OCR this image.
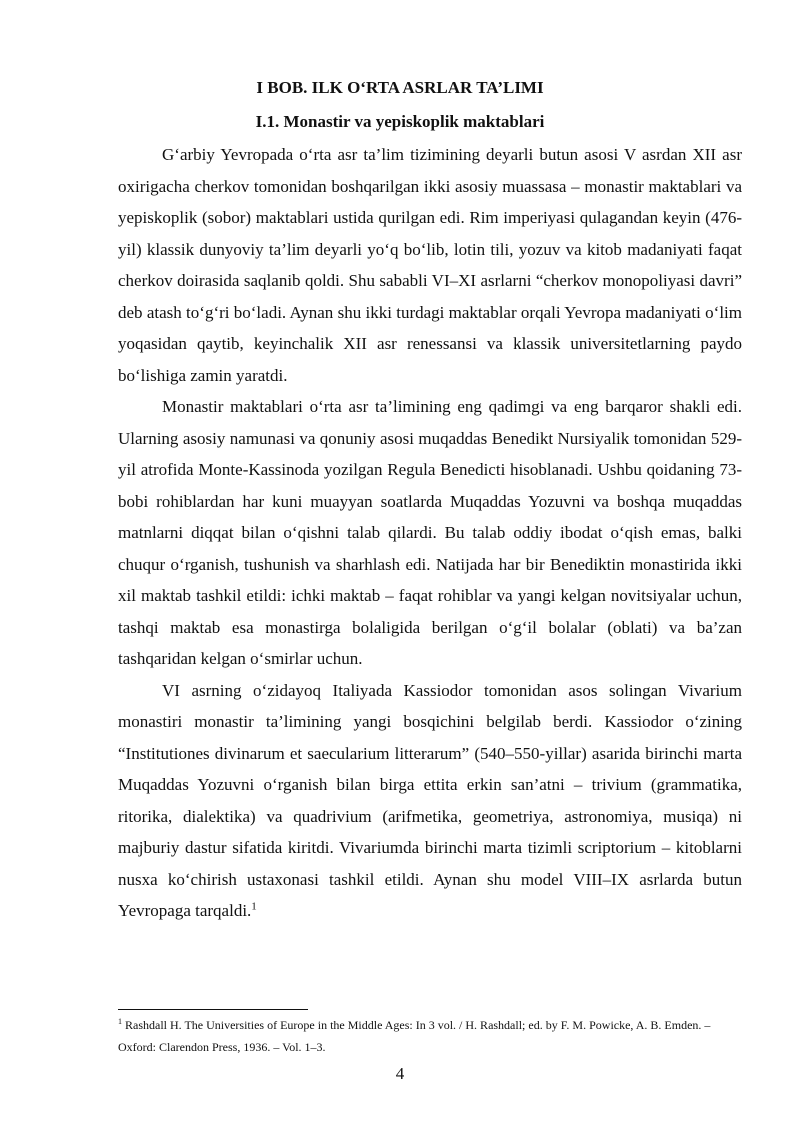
I BOB. ILK O‘RTA ASRLAR TA’LIMI
I.1. Monastir va yepiskoplik maktablari

G‘arbiy Yevropada o‘rta asr ta’lim tizimining deyarli butun asosi V asrdan XII asr oxirigacha cherkov tomonidan boshqarilgan ikki asosiy muassasa – monastir maktablari va yepiskoplik (sobor) maktablari ustida qurilgan edi. Rim imperiyasi qulagandan keyin (476-yil) klassik dunyoviy ta’lim deyarli yo‘q bo‘lib, lotin tili, yozuv va kitob madaniyati faqat cherkov doirasida saqlanib qoldi. Shu sababli VI–XI asrlarni “cherkov monopoliyasi davri” deb atash to‘g‘ri bo‘ladi. Aynan shu ikki turdagi maktablar orqali Yevropa madaniyati o‘lim yoqasidan qaytib, keyinchalik XII asr renessansi va klassik universitetlarning paydo bo‘lishiga zamin yaratdi.

Monastir maktablari o‘rta asr ta’limining eng qadimgi va eng barqaror shakli edi. Ularning asosiy namunasi va qonuniy asosi muqaddas Benedikt Nursiyalik tomonidan 529-yil atrofida Monte-Kassinoda yozilgan Regula Benedicti hisoblanadi. Ushbu qoidaning 73-bobi rohiblardan har kuni muayyan soatlarda Muqaddas Yozuvni va boshqa muqaddas matnlarni diqqat bilan o‘qishni talab qilardi. Bu talab oddiy ibodat o‘qish emas, balki chuqur o‘rganish, tushunish va sharhlash edi. Natijada har bir Benediktin monastirida ikki xil maktab tashkil etildi: ichki maktab – faqat rohiblar va yangi kelgan novitsiyalar uchun, tashqi maktab esa monastirga bolaligida berilgan o‘g‘il bolalar (oblati) va ba’zan tashqaridan kelgan o‘smirlar uchun.

VI asrning o‘zidayoq Italiyada Kassiodor tomonidan asos solingan Vivarium monastiri monastir ta’limining yangi bosqichini belgilab berdi. Kassiodor o‘zining “Institutiones divinarum et saecularium litterarum” (540–550-yillar) asarida birinchi marta Muqaddas Yozuvni o‘rganish bilan birga ettita erkin san’atni – trivium (grammatika, ritorika, dialektika) va quadrivium (arifmetika, geometriya, astronomiya, musiqa) ni majburiy dastur sifatida kiritdi. Vivariumda birinchi marta tizimli scriptorium – kitoblarni nusxa ko‘chirish ustaxonasi tashkil etildi. Aynan shu model VIII–IX asrlarda butun Yevropaga tarqaldi.$^1$

$^1$ Rashdall H. The Universities of Europe in the Middle Ages: In 3 vol. / H. Rashdall; ed. by F. M. Powicke, A. B. Emden. – Oxford: Clarendon Press, 1936. – Vol. 1–3.

4
